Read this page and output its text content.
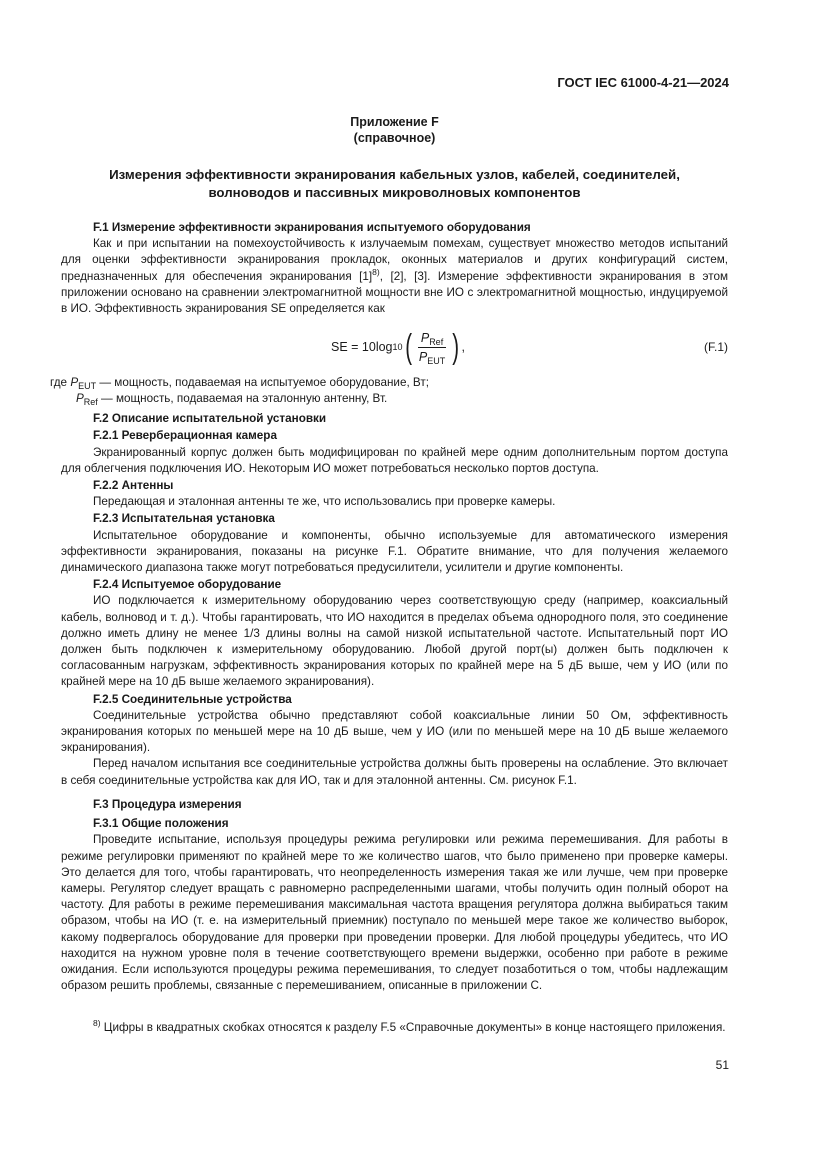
ГОСТ IEC 61000-4-21—2024
Приложение F
(справочное)
Измерения эффективности экранирования кабельных узлов, кабелей, соединителей,
волноводов и пассивных микроволновых компонентов
F.1 Измерение эффективности экранирования испытуемого оборудования

Как и при испытании на помехоустойчивость к излучаемым помехам, существует множество методов испытаний для оценки эффективности экранирования прокладок, оконных материалов и других конфигураций систем, предназначенных для обеспечения экранирования $[1]^{8)}$, [2], [3]. Измерение эффективности экранирования в этом приложении основано на сравнении электромагнитной мощности вне ИО с электромагнитной мощностью, индуцируемой в ИО. Эффективность экранирования SE определяется как

SE = 10log 10 ( $\frac{P_{Ref}}{P_{EUT}}$ ) ,	(F.1)
где $P_{EUT}$ — мощность, подаваемая на испытуемое оборудование, Вт;
$P_{Ref}$ — мощность, подаваемая на эталонную антенну, Вт.
F.2 Описание испытательной установки
F.2.1 Реверберационная камера

Экранированный корпус должен быть модифицирован по крайней мере одним дополнительным портом доступа для облегчения подключения ИО. Некоторым ИО может потребоваться несколько портов доступа.

F.2.2 Антенны

Передающая и эталонная антенны те же, что использовались при проверке камеры.

F.2.3 Испытательная установка

Испытательное оборудование и компоненты, обычно используемые для автоматического измерения эффективности экранирования, показаны на рисунке F.1. Обратите внимание, что для получения желаемого динамического диапазона также могут потребоваться предусилители, усилители и другие компоненты.

F.2.4 Испытуемое оборудование

ИО подключается к измерительному оборудованию через соответствующую среду (например, коаксиальный кабель, волновод и т. д.). Чтобы гарантировать, что ИО находится в пределах объема однородного поля, это соединение должно иметь длину не менее 1/3 длины волны на самой низкой испытательной частоте. Испытательный порт ИО должен быть подключен к измерительному оборудованию. Любой другой порт(ы) должен быть подключен к согласованным нагрузкам, эффективность экранирования которых по крайней мере на 5 дБ выше, чем у ИО (или по крайней мере на 10 дБ выше желаемого экранирования).

F.2.5 Соединительные устройства

Соединительные устройства обычно представляют собой коаксиальные линии 50 Ом, эффективность экранирования которых по меньшей мере на 10 дБ выше, чем у ИО (или по меньшей мере на 10 дБ выше желаемого экранирования).

Перед началом испытания все соединительные устройства должны быть проверены на ослабление. Это включает в себя соединительные устройства как для ИО, так и для эталонной антенны. См. рисунок F.1.

F.3 Процедура измерения
F.3.1 Общие положения

Проведите испытание, используя процедуры режима регулировки или режима перемешивания. Для работы в режиме регулировки применяют по крайней мере то же количество шагов, что было применено при проверке камеры. Это делается для того, чтобы гарантировать, что неопределенность измерения такая же или лучше, чем при проверке камеры. Регулятор следует вращать с равномерно распределенными шагами, чтобы получить один полный оборот на частоту. Для работы в режиме перемешивания максимальная частота вращения регулятора должна выбираться таким образом, чтобы на ИО (т. е. на измерительный приемник) поступало по меньшей мере такое же количество выборок, какому подвергалось оборудование для проверки при проведении проверки. Для любой процедуры убедитесь, что ИО находится на нужном уровне поля в течение соответствующего времени выдержки, особенно при работе в режиме ожидания. Если используются процедуры режима перемешивания, то следует позаботиться о том, чтобы надлежащим образом решить проблемы, связанные с перемешиванием, описанные в приложении С.

$^{8)}$ Цифры в квадратных скобках относятся к разделу F.5 «Справочные документы» в конце настоящего приложения.

51
